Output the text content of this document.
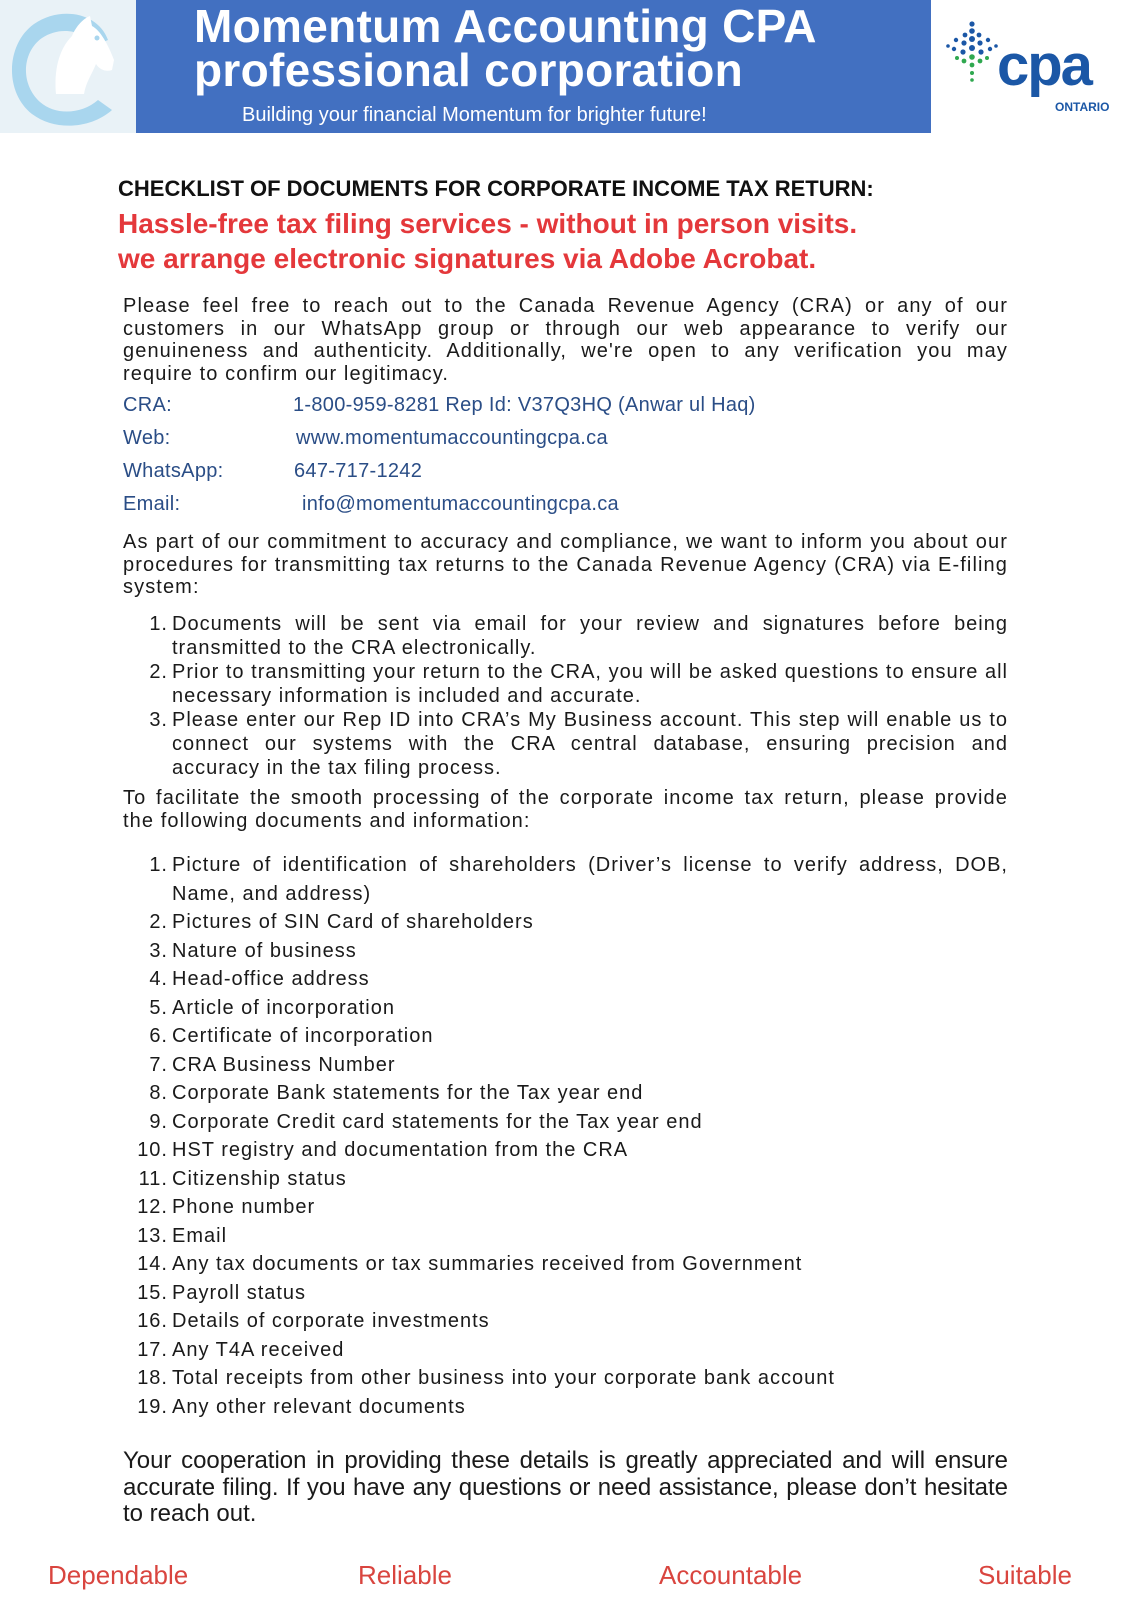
Momentum Accounting CPA
professional corporation
Building your financial Momentum for brighter future!
cpa
ONTARIO
CHECKLIST OF DOCUMENTS FOR CORPORATE INCOME TAX RETURN:
Hassle-free tax filing services - without in person visits.
we arrange electronic signatures via Adobe Acrobat.
Please feel free to reach out to the Canada Revenue Agency (CRA) or any of our customers in our WhatsApp group or through our web appearance to verify our genuineness and authenticity. Additionally, we're open to any verification you may require to confirm our legitimacy.
CRA:	1-800-959-8281 Rep Id: V37Q3HQ (Anwar ul Haq)
Web:	www.momentumaccountingcpa.ca
WhatsApp:	647-717-1242
Email:	info@momentumaccountingcpa.ca
As part of our commitment to accuracy and compliance, we want to inform you about our procedures for transmitting tax returns to the Canada Revenue Agency (CRA) via E-filing system:
1. Documents will be sent via email for your review and signatures before being transmitted to the CRA electronically.
2. Prior to transmitting your return to the CRA, you will be asked questions to ensure all necessary information is included and accurate.
3. Please enter our Rep ID into CRA’s My Business account. This step will enable us to connect our systems with the CRA central database, ensuring precision and accuracy in the tax filing process.
To facilitate the smooth processing of the corporate income tax return, please provide the following documents and information:
1. Picture of identification of shareholders (Driver’s license to verify address, DOB, Name, and address)
2. Pictures of SIN Card of shareholders
3. Nature of business
4. Head-office address
5. Article of incorporation
6. Certificate of incorporation
7. CRA Business Number
8. Corporate Bank statements for the Tax year end
9. Corporate Credit card statements for the Tax year end
10. HST registry and documentation from the CRA
11. Citizenship status
12. Phone number
13. Email
14. Any tax documents or tax summaries received from Government
15. Payroll status
16. Details of corporate investments
17. Any T4A received
18. Total receipts from other business into your corporate bank account
19. Any other relevant documents
Your cooperation in providing these details is greatly appreciated and will ensure accurate filing. If you have any questions or need assistance, please don’t hesitate to reach out.
Dependable	Reliable	Accountable	Suitable
